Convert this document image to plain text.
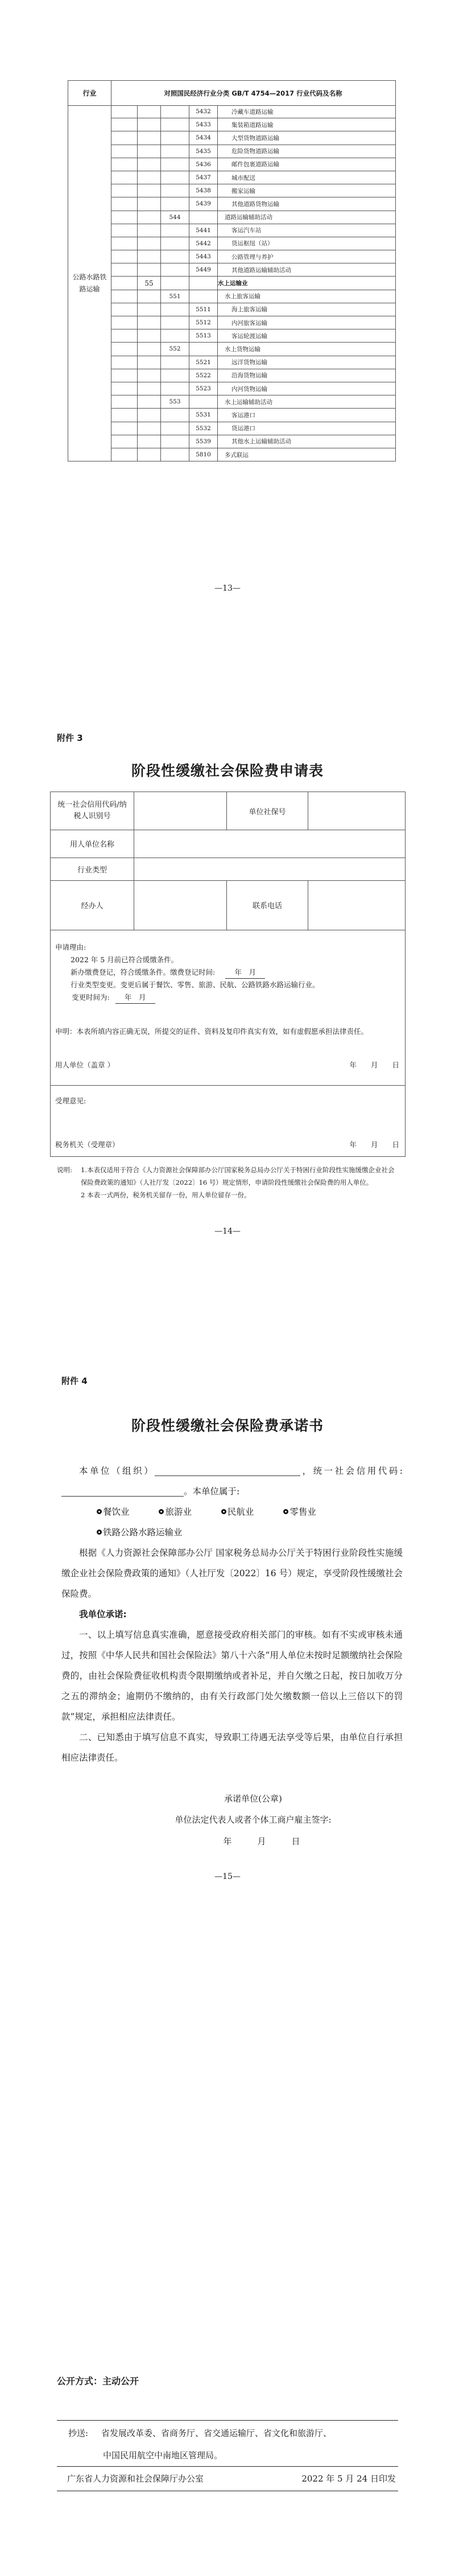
行业	对照国民经济行业分类 GB/T 4754—2017 行业代码及名称
公路水路铁路运输
5432	冷藏车道路运输
5433	集装箱道路运输
5434	大型货物道路运输
5435	危险货物道路运输
5436	邮件包裹道路运输
5437	城市配送
5438	搬家运输
5439	其他道路货物运输
544	道路运输辅助活动
5441	客运汽车站
5442	货运枢纽（站）
5443	公路管理与养护
5449	其他道路运输辅助活动
55	水上运输业
551	水上旅客运输
5511	海上旅客运输
5512	内河旅客运输
5513	客运轮渡运输
552	水上货物运输
5521	远洋货物运输
5522	沿海货物运输
5523	内河货物运输
553	水上运输辅助活动
5531	客运港口
5532	货运港口
5539	其他水上运输辅助活动
5810	多式联运
—13—
附件 3
阶段性缓缴社会保险费申请表
统一社会信用代码/纳税人识别号	单位社保号
用人单位名称
行业类型
经办人	联系电话
申请理由:
2022 年 5 月前已符合缓缴条件。
新办缴费登记，符合缓缴条件。缴费登记时间:	年　月
行业类型变更。变更后属于餐饮、零售、旅游、民航、公路铁路水路运输行业。
变更时间为: 年　月
申明：本表所填内容正确无误，所提交的证件、资料及复印件真实有效，如有虚假愿承担法律责任。
用人单位（盖章 ）	年　　月　　日
受理意见:
税务机关（受理章）	年　　月　　日
说明: 1.本表仅适用于符合《人力资源社会保障部办公厅国家税务总局办公厅关于特困行业阶段性实施缓缴企业社会保险费政策的通知》（人社厅发〔2022〕16 号）规定情形，申请阶段性缓缴社会保险费的用人单位。
2 本表一式两份，税务机关留存一份，用人单位留存一份。
—14—
附件 4
阶段性缓缴社会保险费承诺书

本单位（组织）	，统一社会信用代码:。本单位属于:

餐饮业	旅游业	民航业	零售业

铁路公路水路运输业

根据《人力资源社会保障部办公厅 国家税务总局办公厅关于特困行业阶段性实施缓缴企业社会保险费政策的通知》（人社厅发〔2022〕16 号）规定，享受阶段性缓缴社会保险费。

我单位承诺:

一、以上填写信息真实准确，愿意接受政府相关部门的审核。如有不实或审核未通过，按照《中华人民共和国社会保险法》第八十六条“用人单位未按时足额缴纳社会保险费的，由社会保险费征收机构责令限期缴纳或者补足，并自欠缴之日起，按日加收万分之五的滞纳金；逾期仍不缴纳的，由有关行政部门处欠缴数额一倍以上三倍以下的罚款”规定，承担相应法律责任。

二、已知悉由于填写信息不真实，导致职工待遇无法享受等后果，由单位自行承担相应法律责任。

承诺单位(公章)
单位法定代表人或者个体工商户雇主签字:
年　　　月　　　日
—15—
公开方式：主动公开
抄送: 省发展改革委、省商务厅、省交通运输厅、省文化和旅游厅、
中国民用航空中南地区管理局。
广东省人力资源和社会保障厅办公室	2022 年 5 月 24 日印发
